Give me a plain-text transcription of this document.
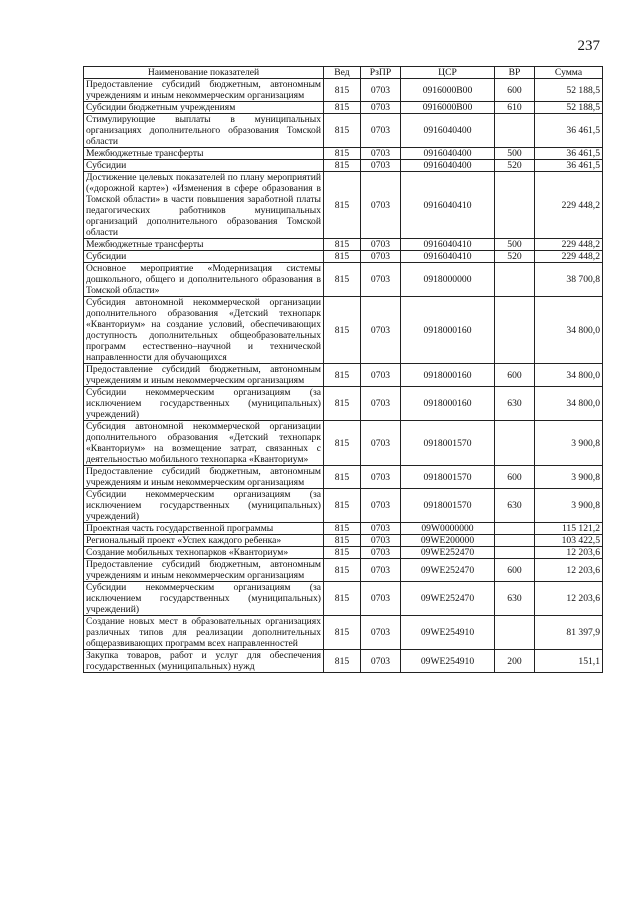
237
Наименование показателей	Вед	РзПР	ЦСР	ВР	Сумма
Предоставление субсидий бюджетным, автономным учреждениям и иным некоммерческим организациям	815	0703	0916000В00	600	52 188,5
Субсидии бюджетным учреждениям	815	0703	0916000В00	610	52 188,5
Стимулирующие выплаты в муниципальных организациях дополнительного образования Томской области	815	0703	0916040400		36 461,5
Межбюджетные трансферты	815	0703	0916040400	500	36 461,5
Субсидии	815	0703	0916040400	520	36 461,5
Достижение целевых показателей по плану мероприятий («дорожной карте») «Изменения в сфере образования в Томской области» в части повышения заработной платы педагогических работников муниципальных организаций дополнительного образования Томской области	815	0703	0916040410		229 448,2
Межбюджетные трансферты	815	0703	0916040410	500	229 448,2
Субсидии	815	0703	0916040410	520	229 448,2
Основное мероприятие «Модернизация системы дошкольного, общего и дополнительного образования в Томской области»	815	0703	0918000000		38 700,8
Субсидия автономной некоммерческой организации дополнительного образования «Детский технопарк «Кванториум» на создание условий, обеспечивающих доступность дополнительных общеобразовательных программ естественно–научной и технической направленности для обучающихся	815	0703	0918000160		34 800,0
Предоставление субсидий бюджетным, автономным учреждениям и иным некоммерческим организациям	815	0703	0918000160	600	34 800,0
Субсидии некоммерческим организациям (за исключением государственных (муниципальных) учреждений)	815	0703	0918000160	630	34 800,0
Субсидия автономной некоммерческой организации дополнительного образования «Детский технопарк «Кванториум» на возмещение затрат, связанных с деятельностью мобильного технопарка «Кванториум»	815	0703	0918001570		3 900,8
Предоставление субсидий бюджетным, автономным учреждениям и иным некоммерческим организациям	815	0703	0918001570	600	3 900,8
Субсидии некоммерческим организациям (за исключением государственных (муниципальных) учреждений)	815	0703	0918001570	630	3 900,8
Проектная часть государственной программы	815	0703	09W0000000		115 121,2
Региональный проект «Успех каждого ребенка»	815	0703	09WE200000		103 422,5
Создание мобильных технопарков «Кванториум»	815	0703	09WE252470		12 203,6
Предоставление субсидий бюджетным, автономным учреждениям и иным некоммерческим организациям	815	0703	09WE252470	600	12 203,6
Субсидии некоммерческим организациям (за исключением государственных (муниципальных) учреждений)	815	0703	09WE252470	630	12 203,6
Создание новых мест в образовательных организациях различных типов для реализации дополнительных общеразвивающих программ всех направленностей	815	0703	09WE254910		81 397,9
Закупка товаров, работ и услуг для обеспечения государственных (муниципальных) нужд	815	0703	09WE254910	200	151,1
